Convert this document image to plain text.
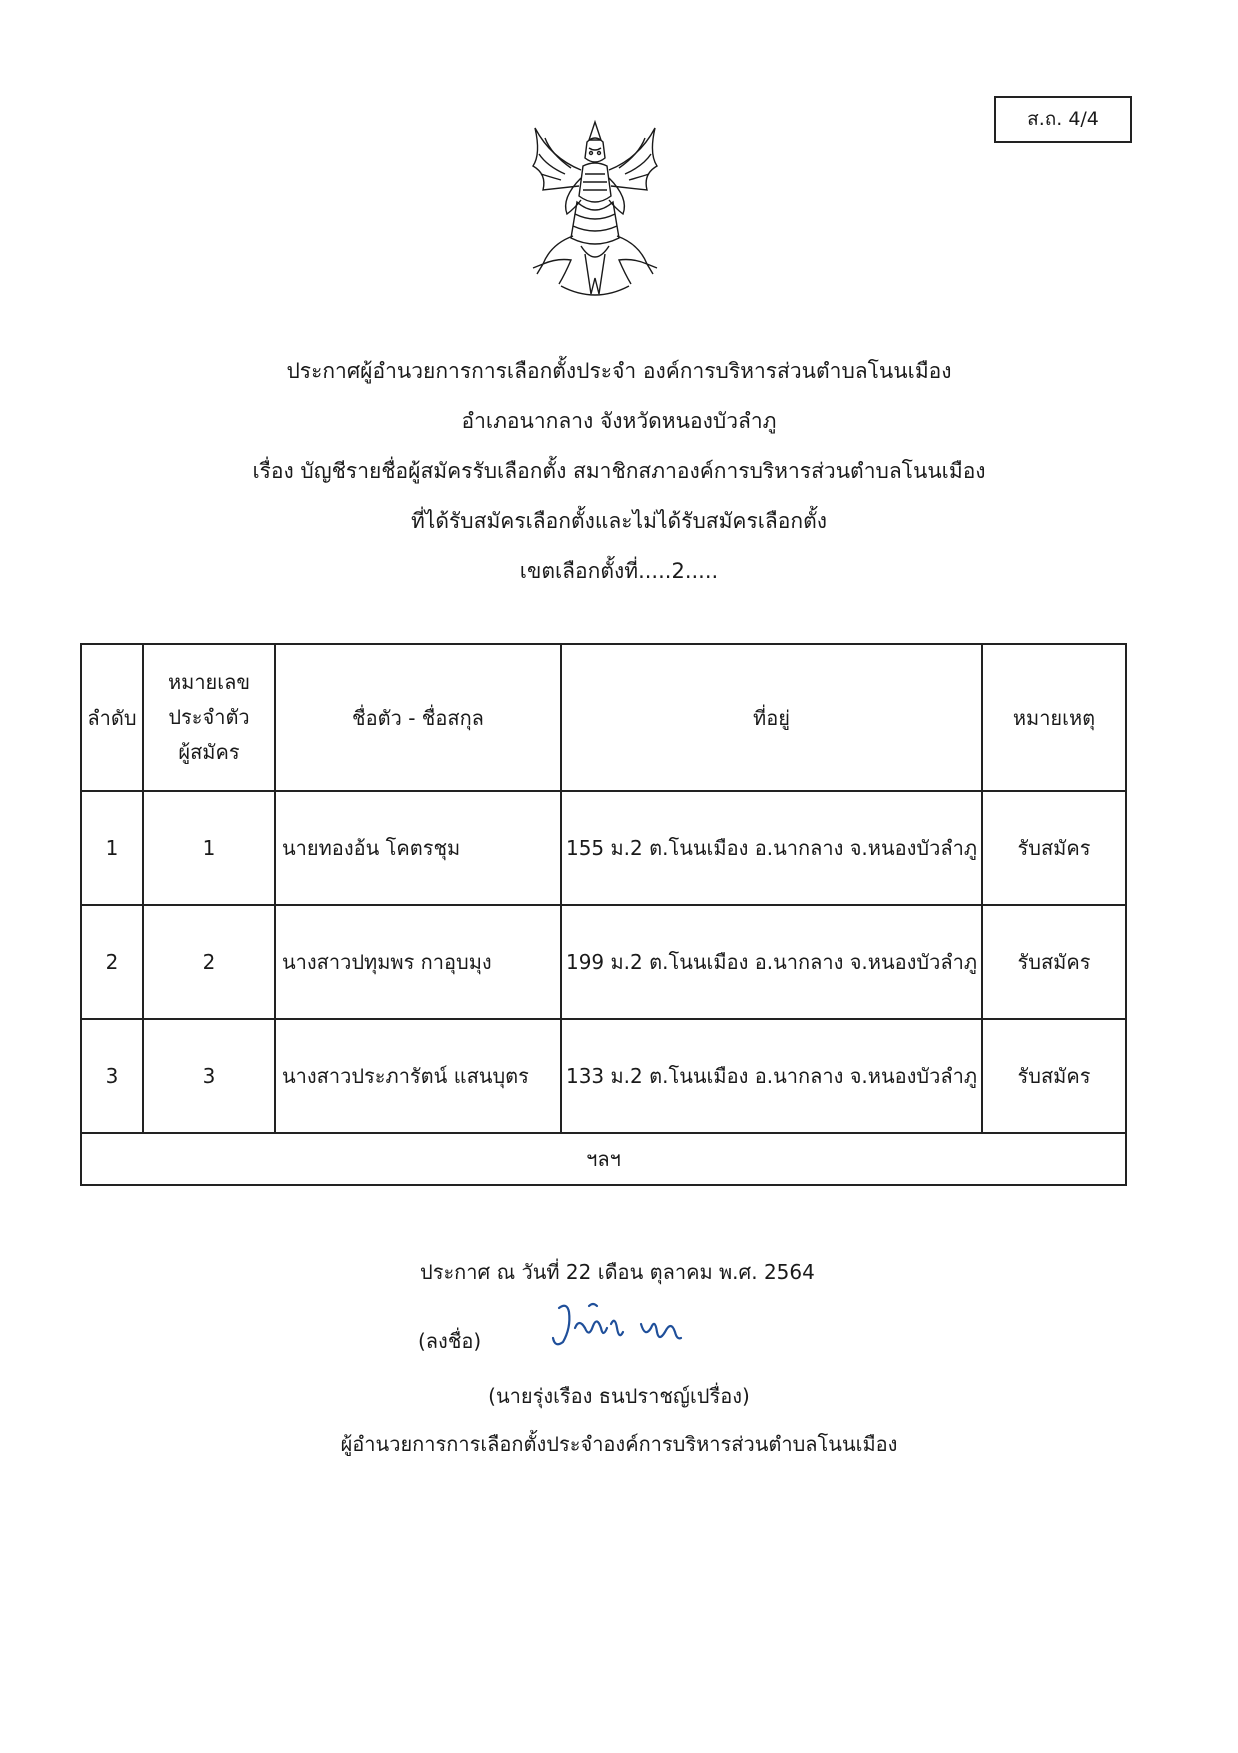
ส.ถ. 4/4
ประกาศผู้อำนวยการการเลือกตั้งประจำ องค์การบริหารส่วนตำบลโนนเมือง
อำเภอนากลาง จังหวัดหนองบัวลำภู
เรื่อง บัญชีรายชื่อผู้สมัครรับเลือกตั้ง สมาชิกสภาองค์การบริหารส่วนตำบลโนนเมือง
ที่ได้รับสมัครเลือกตั้งและไม่ได้รับสมัครเลือกตั้ง
เขตเลือกตั้งที่.....2.....
ลำดับ	หมายเลข
ประจำตัว
ผู้สมัคร	ชื่อตัว - ชื่อสกุล	ที่อยู่	หมายเหตุ
1	1	นายทองอ้น โคตรชุม	155 ม.2 ต.โนนเมือง อ.นากลาง จ.หนองบัวลำภู	รับสมัคร
2	2	นางสาวปทุมพร กาอุบมุง	199 ม.2 ต.โนนเมือง อ.นากลาง จ.หนองบัวลำภู	รับสมัคร
3	3	นางสาวประภารัตน์ แสนบุตร	133 ม.2 ต.โนนเมือง อ.นากลาง จ.หนองบัวลำภู	รับสมัคร
ฯลฯ				
ประกาศ ณ วันที่ 22 เดือน ตุลาคม พ.ศ. 2564
(ลงชื่อ)
(นายรุ่งเรือง ธนปราชญ์เปรื่อง)
ผู้อำนวยการการเลือกตั้งประจำองค์การบริหารส่วนตำบลโนนเมือง
